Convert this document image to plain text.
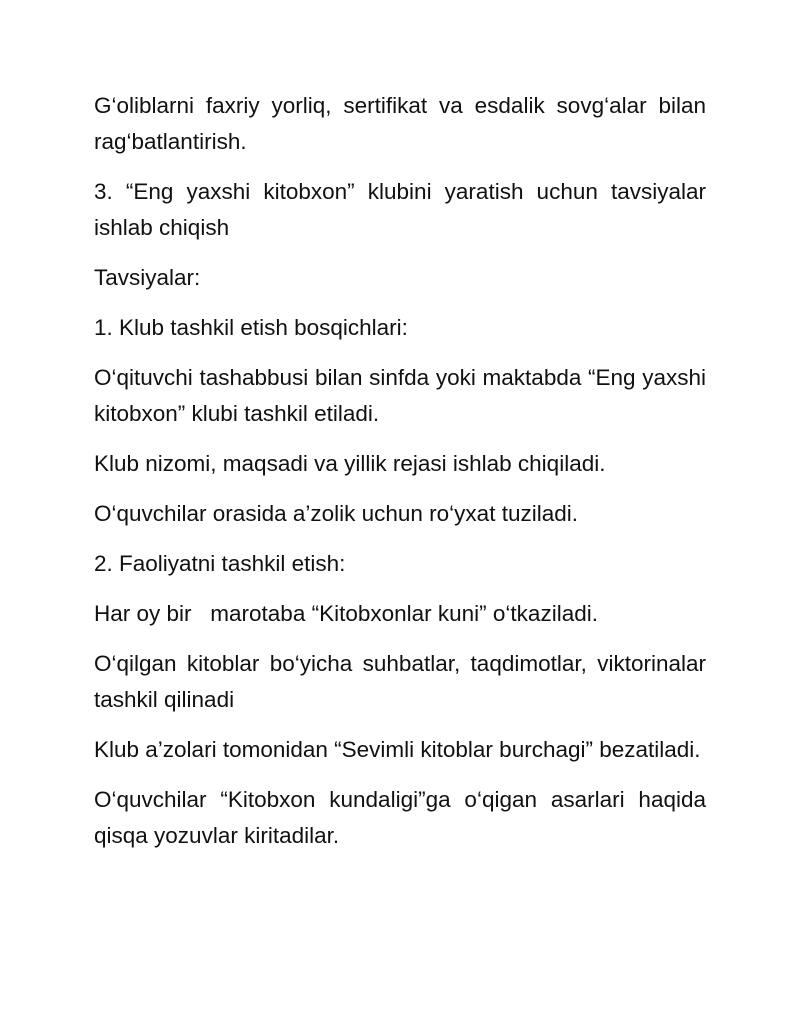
G‘oliblarni faxriy yorliq, sertifikat va esdalik sovg‘alar bilan rag‘batlantirish.

3. “Eng yaxshi kitobxon” klubini yaratish uchun tavsiyalar ishlab chiqish

Tavsiyalar:

1. Klub tashkil etish bosqichlari:

O‘qituvchi tashabbusi bilan sinfda yoki maktabda “Eng yaxshi kitobxon” klubi tashkil etiladi.

Klub nizomi, maqsadi va yillik rejasi ishlab chiqiladi.

O‘quvchilar orasida a’zolik uchun ro‘yxat tuziladi.

2. Faoliyatni tashkil etish:

Har oy bir   marotaba “Kitobxonlar kuni” o‘tkaziladi.

O‘qilgan kitoblar bo‘yicha suhbatlar, taqdimotlar, viktorinalar tashkil qilinadi

Klub a’zolari tomonidan “Sevimli kitoblar burchagi” bezatiladi.

O‘quvchilar “Kitobxon kundaligi”ga o‘qigan asarlari haqida qisqa yozuvlar kiritadilar.
